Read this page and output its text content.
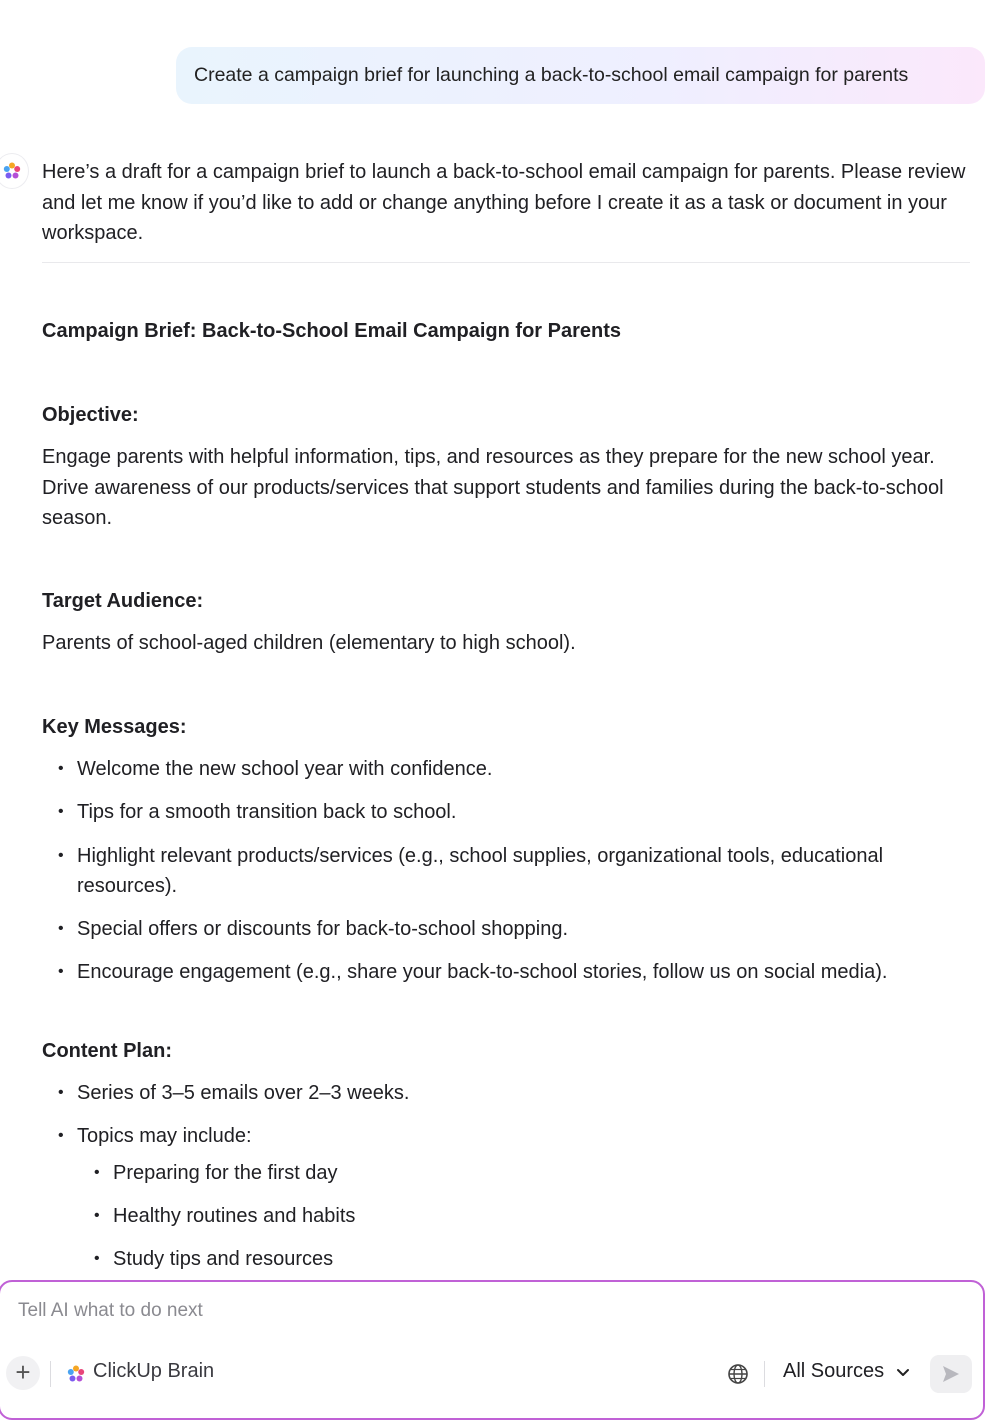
Create a campaign brief for launching a back-to-school email campaign for parents

Here’s a draft for a campaign brief to launch a back-to-school email campaign for parents. Please review and let me know if you’d like to add or change anything before I create it as a task or document in your workspace.

Campaign Brief: Back-to-School Email Campaign for Parents

Objective:

Engage parents with helpful information, tips, and resources as they prepare for the new school year. Drive awareness of our products/services that support students and families during the back-to-school season.

Target Audience:

Parents of school-aged children (elementary to high school).

Key Messages:

• Welcome the new school year with confidence.
• Tips for a smooth transition back to school.
• Highlight relevant products/services (e.g., school supplies, organizational tools, educational resources).
• Special offers or discounts for back-to-school shopping.
• Encourage engagement (e.g., share your back-to-school stories, follow us on social media).

Content Plan:

• Series of 3–5 emails over 2–3 weeks.
• Topics may include:
• Preparing for the first day
• Healthy routines and habits
• Study tips and resources
Tell AI what to do next
+	ClickUp Brain	All Sources
